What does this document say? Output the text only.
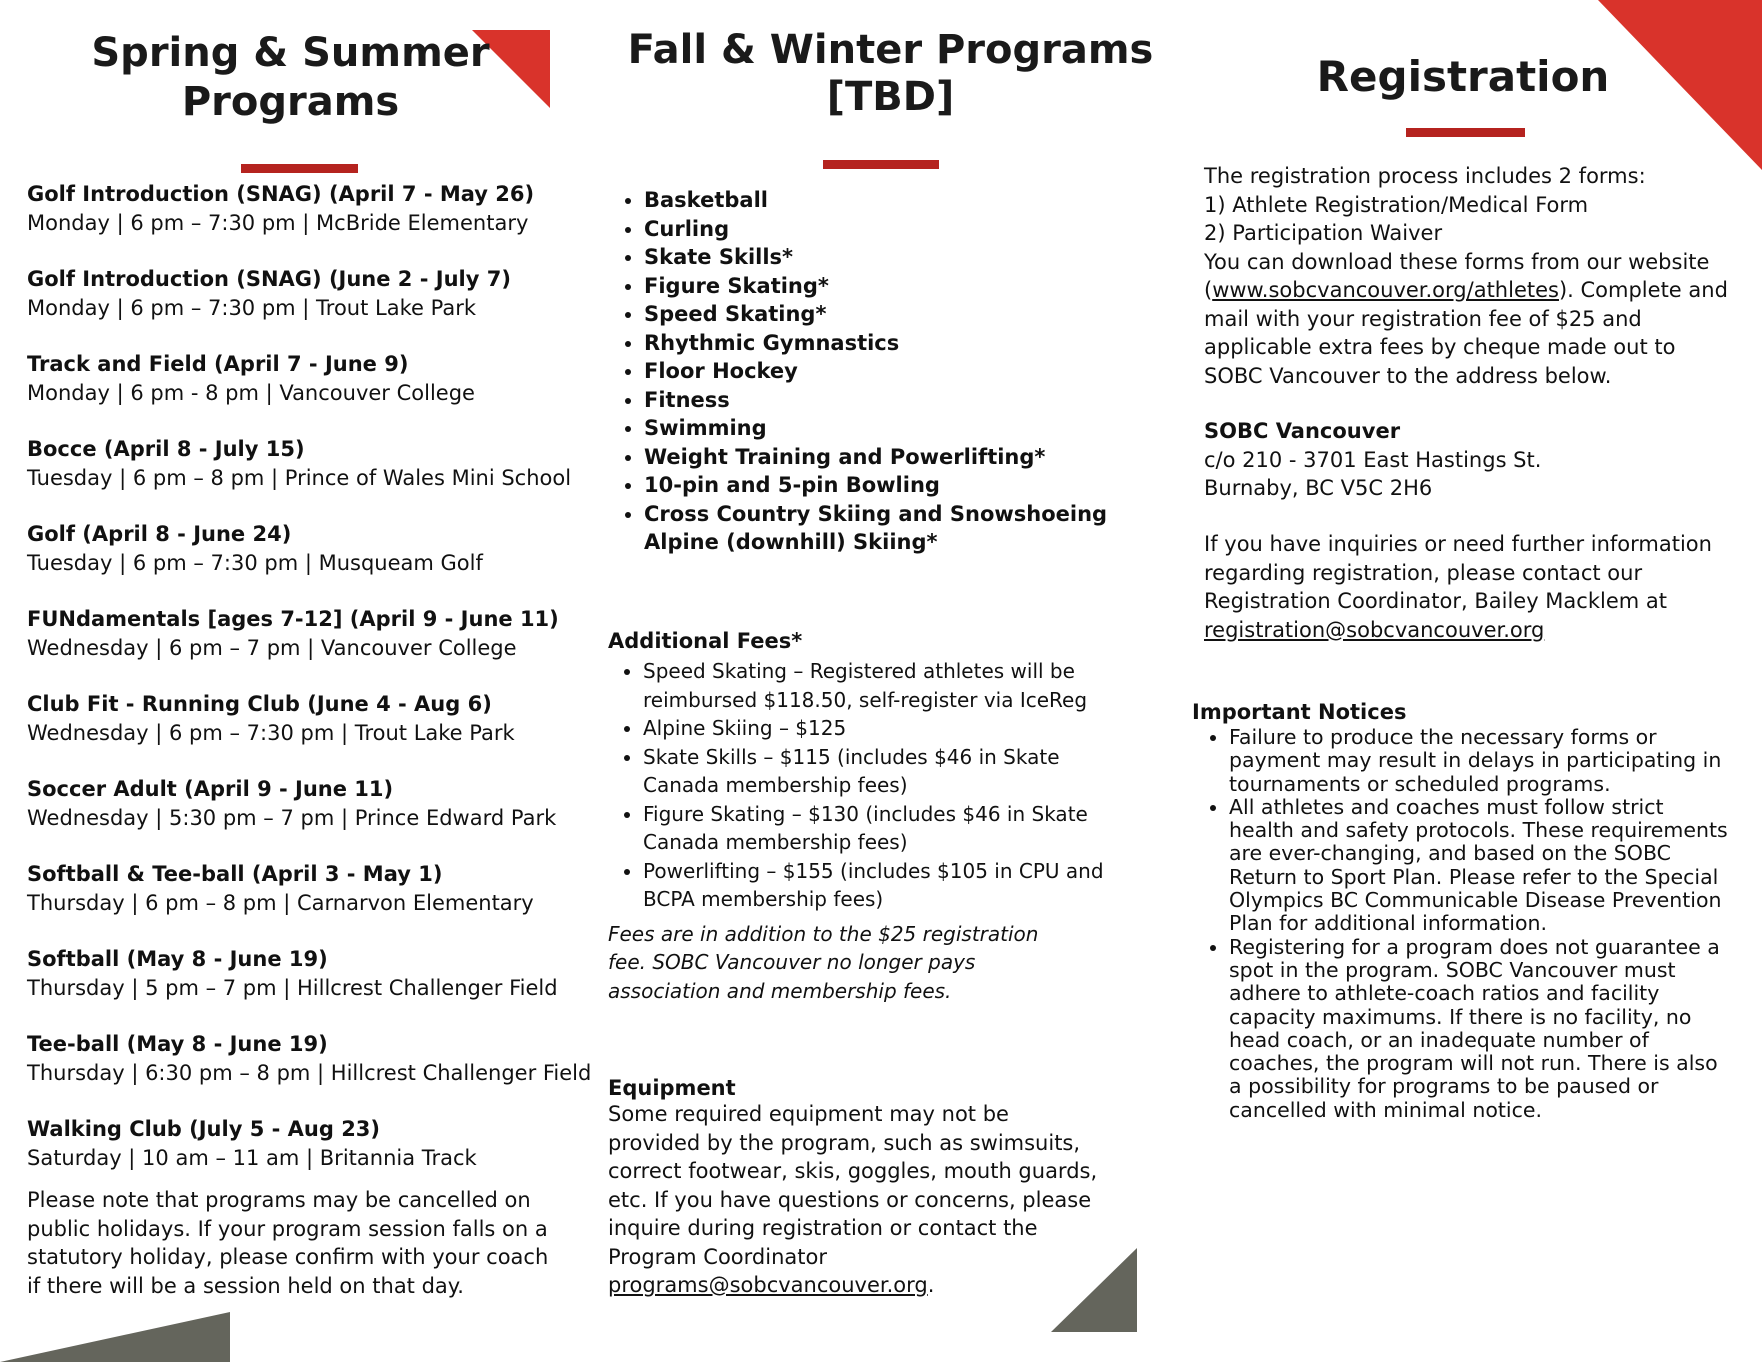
Spring & Summer
Programs
Golf Introduction (SNAG) (April 7 - May 26)
Monday | 6 pm – 7:30 pm | McBride Elementary
Golf Introduction (SNAG) (June 2 - July 7)
Monday | 6 pm – 7:30 pm | Trout Lake Park
Track and Field (April 7 - June 9)
Monday | 6 pm - 8 pm | Vancouver College
Bocce (April 8 - July 15)
Tuesday | 6 pm – 8 pm | Prince of Wales Mini School
Golf (April 8 - June 24)
Tuesday | 6 pm – 7:30 pm | Musqueam Golf
FUNdamentals [ages 7-12] (April 9 - June 11)
Wednesday | 6 pm – 7 pm | Vancouver College
Club Fit - Running Club (June 4 - Aug 6)
Wednesday | 6 pm – 7:30 pm | Trout Lake Park
Soccer Adult (April 9 - June 11)
Wednesday | 5:30 pm – 7 pm | Prince Edward Park
Softball & Tee-ball (April 3 - May 1)
Thursday | 6 pm – 8 pm | Carnarvon Elementary
Softball (May 8 - June 19)
Thursday | 5 pm – 7 pm | Hillcrest Challenger Field
Tee-ball (May 8 - June 19)
Thursday | 6:30 pm – 8 pm | Hillcrest Challenger Field
Walking Club (July 5 - Aug 23)
Saturday | 10 am – 11 am | Britannia Track
Please note that programs may be cancelled on public holidays. If your program session falls on a statutory holiday, please confirm with your coach if there will be a session held on that day.
Fall & Winter Programs
[TBD]
• Basketball
• Curling
• Skate Skills*
• Figure Skating*
• Speed Skating*
• Rhythmic Gymnastics
• Floor Hockey
• Fitness
• Swimming
• Weight Training and Powerlifting*
• 10-pin and 5-pin Bowling
• Cross Country Skiing and Snowshoeing Alpine (downhill) Skiing*
Additional Fees*
• Speed Skating – Registered athletes will be reimbursed $118.50, self-register via IceReg
• Alpine Skiing – $125
• Skate Skills – $115 (includes $46 in Skate Canada membership fees)
• Figure Skating – $130 (includes $46 in Skate Canada membership fees)
• Powerlifting – $155 (includes $105 in CPU and BCPA membership fees)
Fees are in addition to the $25 registration fee. SOBC Vancouver no longer pays association and membership fees.
Equipment
Some required equipment may not be provided by the program, such as swimsuits, correct footwear, skis, goggles, mouth guards, etc. If you have questions or concerns, please inquire during registration or contact the Program Coordinator programs@sobcvancouver.org.
Registration
The registration process includes 2 forms:
1) Athlete Registration/Medical Form
2) Participation Waiver
You can download these forms from our website (www.sobcvancouver.org/athletes). Complete and mail with your registration fee of $25 and applicable extra fees by cheque made out to SOBC Vancouver to the address below.
SOBC Vancouver
c/o 210 - 3701 East Hastings St.
Burnaby, BC V5C 2H6
If you have inquiries or need further information regarding registration, please contact our Registration Coordinator, Bailey Macklem at registration@sobcvancouver.org
Important Notices
• Failure to produce the necessary forms or payment may result in delays in participating in tournaments or scheduled programs.
• All athletes and coaches must follow strict health and safety protocols. These requirements are ever-changing, and based on the SOBC Return to Sport Plan. Please refer to the Special Olympics BC Communicable Disease Prevention Plan for additional information.
• Registering for a program does not guarantee a spot in the program. SOBC Vancouver must adhere to athlete-coach ratios and facility capacity maximums. If there is no facility, no head coach, or an inadequate number of coaches, the program will not run. There is also a possibility for programs to be paused or cancelled with minimal notice.
